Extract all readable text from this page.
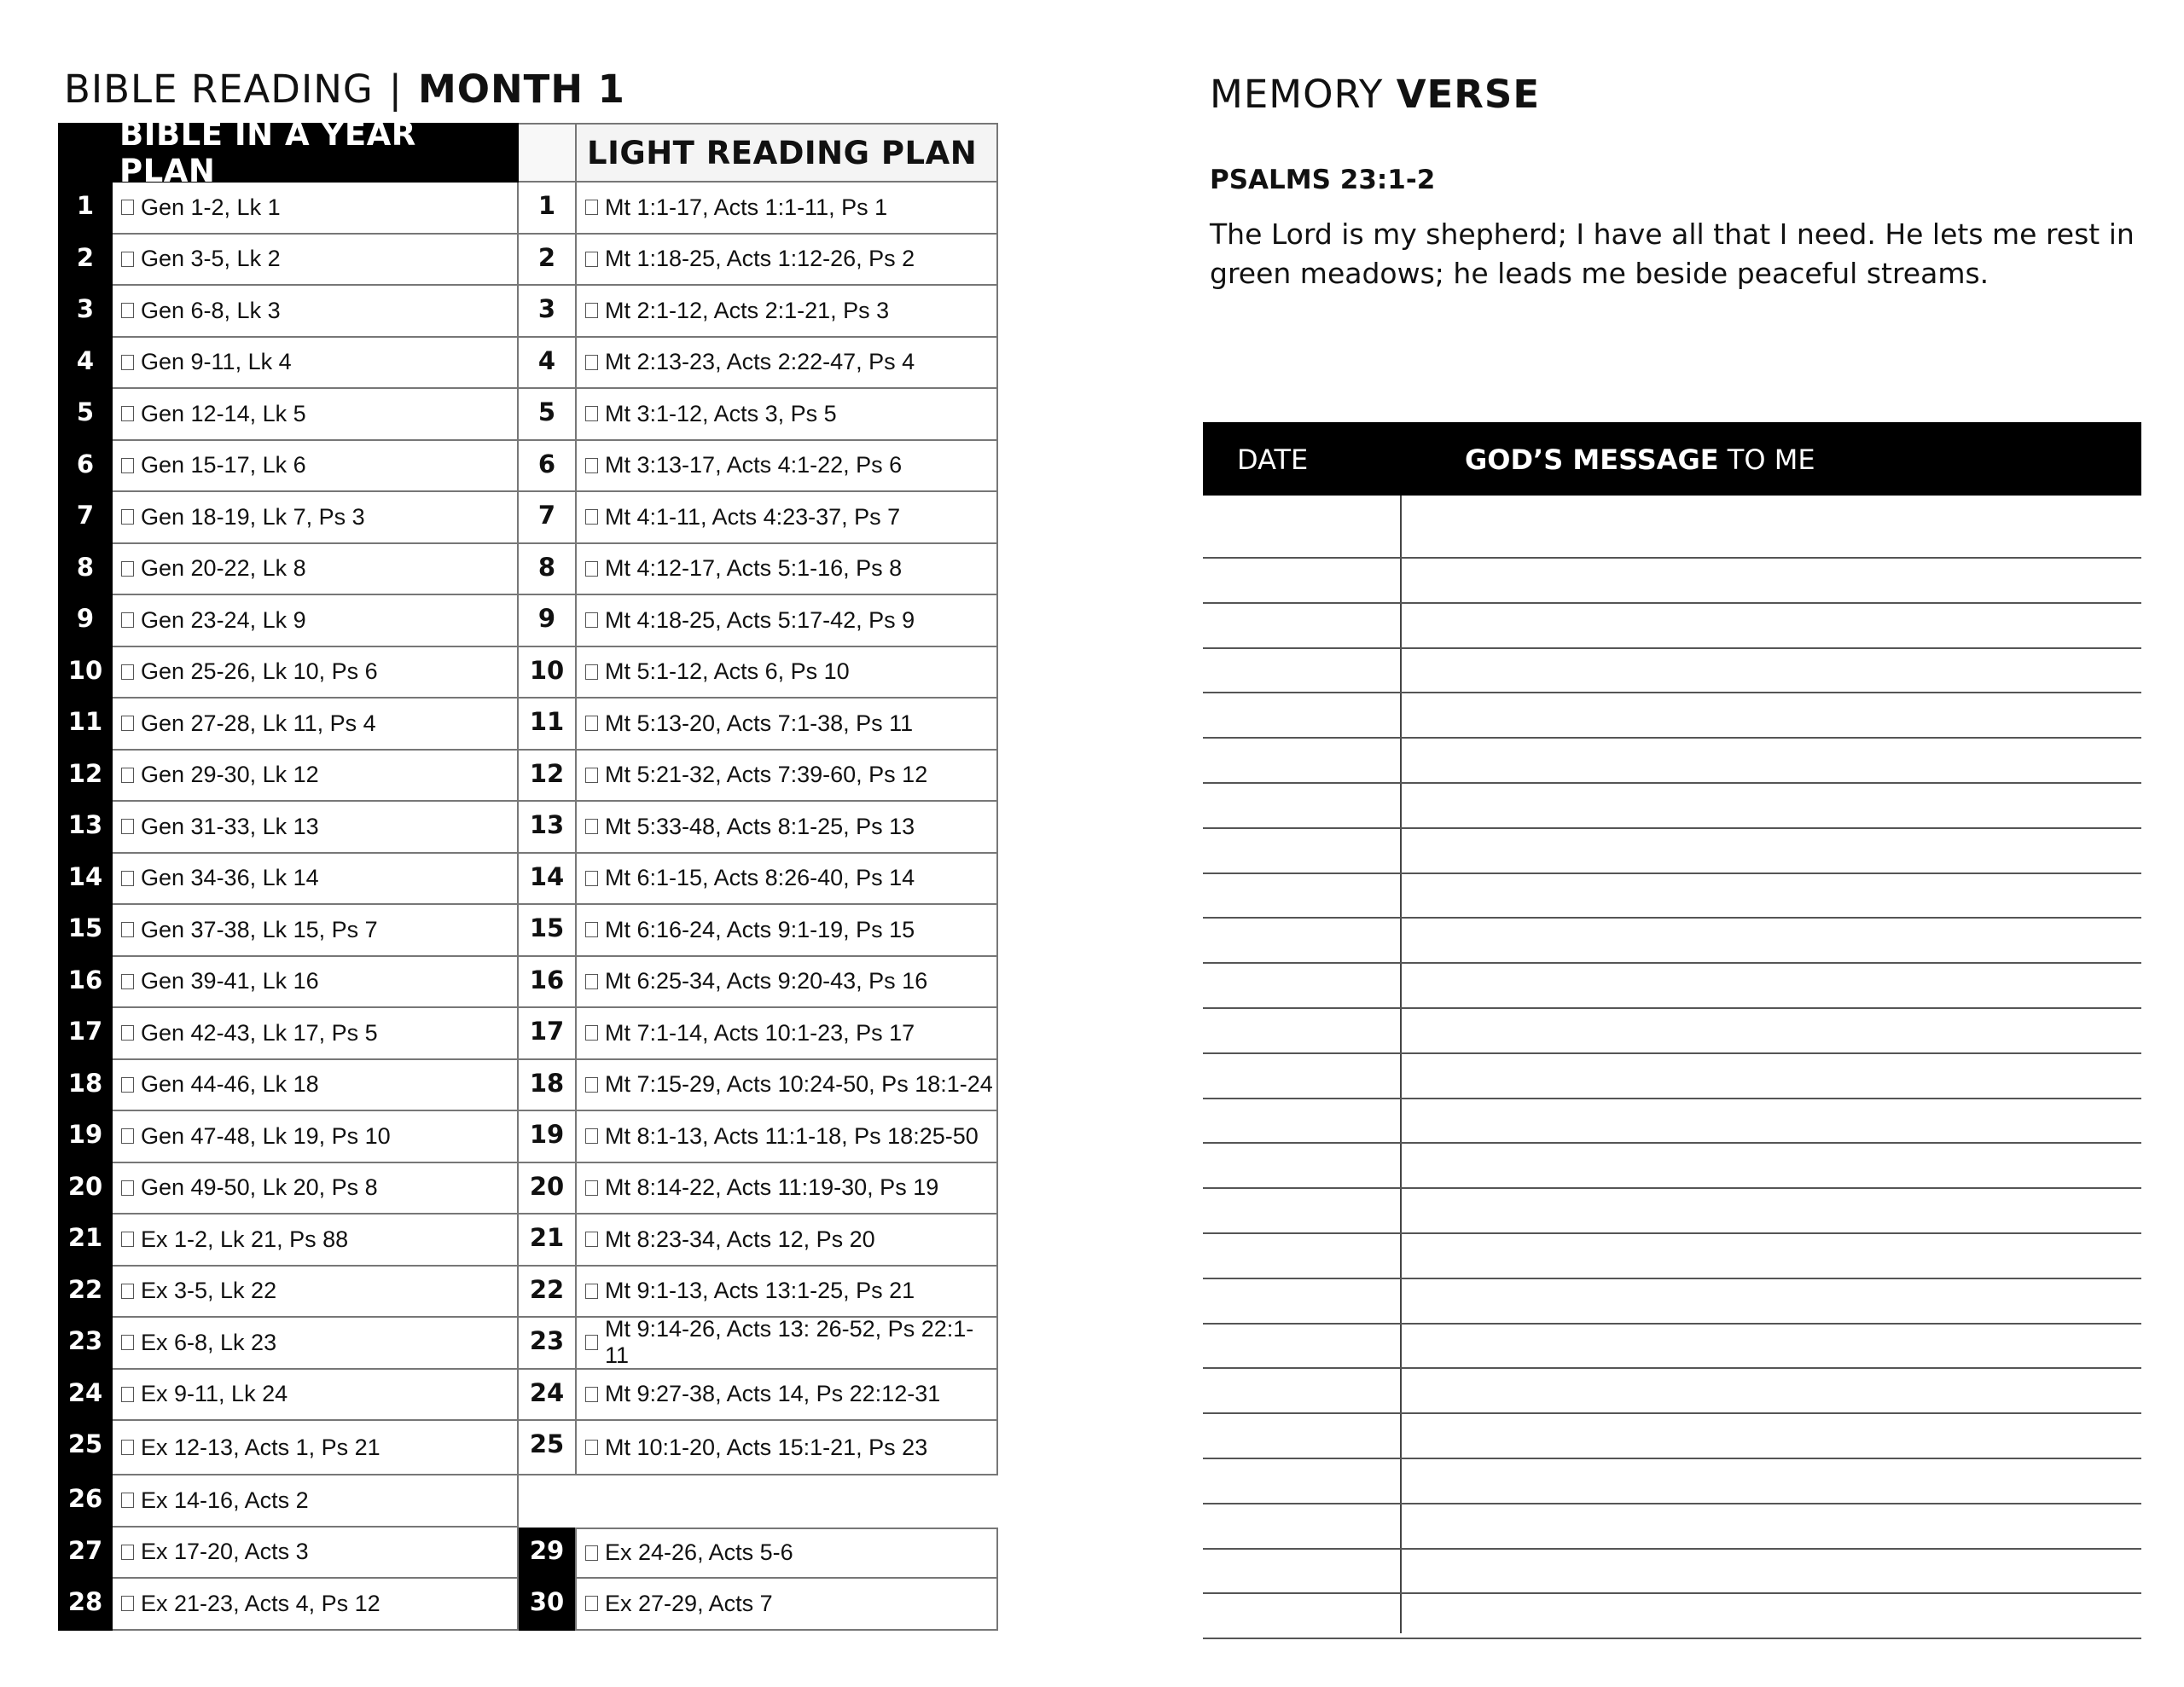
BIBLE READING | MONTH 1
BIBLE IN A YEAR PLAN	LIGHT READING PLAN
1	Gen 1-2, Lk 1	1	Mt 1:1-17, Acts 1:1-11, Ps 1
2	Gen 3-5, Lk 2	2	Mt 1:18-25, Acts 1:12-26, Ps 2
3	Gen 6-8, Lk 3	3	Mt 2:1-12, Acts 2:1-21, Ps 3
4	Gen 9-11, Lk 4	4	Mt 2:13-23, Acts 2:22-47, Ps 4
5	Gen 12-14, Lk 5	5	Mt 3:1-12, Acts 3, Ps 5
6	Gen 15-17, Lk 6	6	Mt 3:13-17, Acts 4:1-22, Ps 6
7	Gen 18-19, Lk 7, Ps 3	7	Mt 4:1-11, Acts 4:23-37, Ps 7
8	Gen 20-22, Lk 8	8	Mt 4:12-17, Acts 5:1-16, Ps 8
9	Gen 23-24, Lk 9	9	Mt 4:18-25, Acts 5:17-42, Ps 9
10	Gen 25-26, Lk 10, Ps 6	10	Mt 5:1-12, Acts 6, Ps 10
11	Gen 27-28, Lk 11, Ps 4	11	Mt 5:13-20, Acts 7:1-38, Ps 11
12	Gen 29-30, Lk 12	12	Mt 5:21-32, Acts 7:39-60, Ps 12
13	Gen 31-33, Lk 13	13	Mt 5:33-48, Acts 8:1-25, Ps 13
14	Gen 34-36, Lk 14	14	Mt 6:1-15, Acts 8:26-40, Ps 14
15	Gen 37-38, Lk 15, Ps 7	15	Mt 6:16-24, Acts 9:1-19, Ps 15
16	Gen 39-41, Lk 16	16	Mt 6:25-34, Acts 9:20-43, Ps 16
17	Gen 42-43, Lk 17, Ps 5	17	Mt 7:1-14, Acts 10:1-23, Ps 17
18	Gen 44-46, Lk 18	18	Mt 7:15-29, Acts 10:24-50, Ps 18:1-24
19	Gen 47-48, Lk 19, Ps 10	19	Mt 8:1-13, Acts 11:1-18, Ps 18:25-50
20	Gen 49-50, Lk 20, Ps 8	20	Mt 8:14-22, Acts 11:19-30, Ps 19
21	Ex 1-2, Lk 21, Ps 88	21	Mt 8:23-34, Acts 12, Ps 20
22	Ex 3-5, Lk 22	22	Mt 9:1-13, Acts 13:1-25, Ps 21
23	Ex 6-8, Lk 23	23	Mt 9:14-26, Acts 13: 26-52, Ps 22:1-11
24	Ex 9-11, Lk 24	24	Mt 9:27-38, Acts 14, Ps 22:12-31
25	Ex 12-13, Acts 1, Ps 21	25	Mt 10:1-20, Acts 15:1-21, Ps 23
26	Ex 14-16, Acts 2
27	Ex 17-20, Acts 3	29	Ex 24-26, Acts 5-6
28	Ex 21-23, Acts 4, Ps 12	30	Ex 27-29, Acts 7
MEMORY VERSE
PSALMS 23:1-2
The Lord is my shepherd; I have all that I need. He lets me rest in green meadows; he leads me beside peaceful streams.
DATE	GOD’S MESSAGE TO ME
